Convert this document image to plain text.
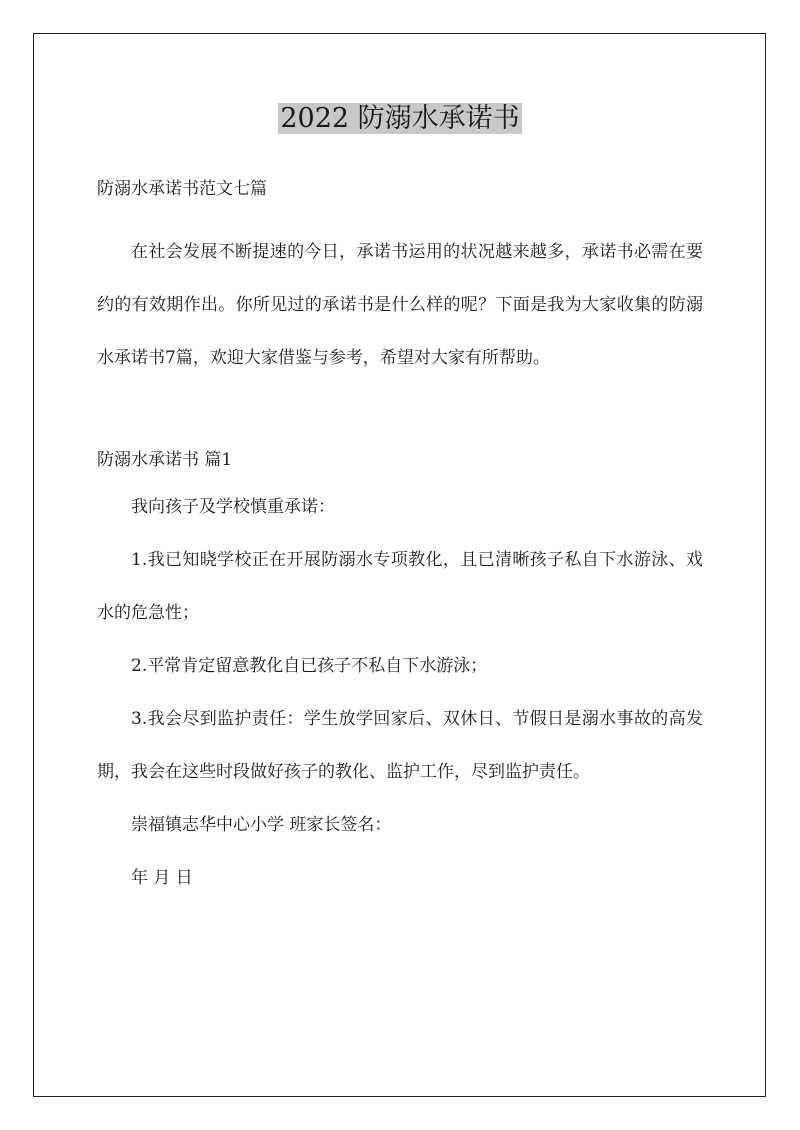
2022 防溺水承诺书

防溺水承诺书范文七篇

在社会发展不断提速的今日，承诺书运用的状况越来越多，承诺书必需在要约的有效期作出。你所见过的承诺书是什么样的呢？下面是我为大家收集的防溺水承诺书7篇，欢迎大家借鉴与参考，希望对大家有所帮助。

防溺水承诺书 篇1

我向孩子及学校慎重承诺：

1.我已知晓学校正在开展防溺水专项教化，且已清晰孩子私自下水游泳、戏水的危急性；

2.平常肯定留意教化自已孩子不私自下水游泳；

3.我会尽到监护责任：学生放学回家后、双休日、节假日是溺水事故的高发期，我会在这些时段做好孩子的教化、监护工作，尽到监护责任。

崇福镇志华中心小学 班家长签名：

年 月 日
